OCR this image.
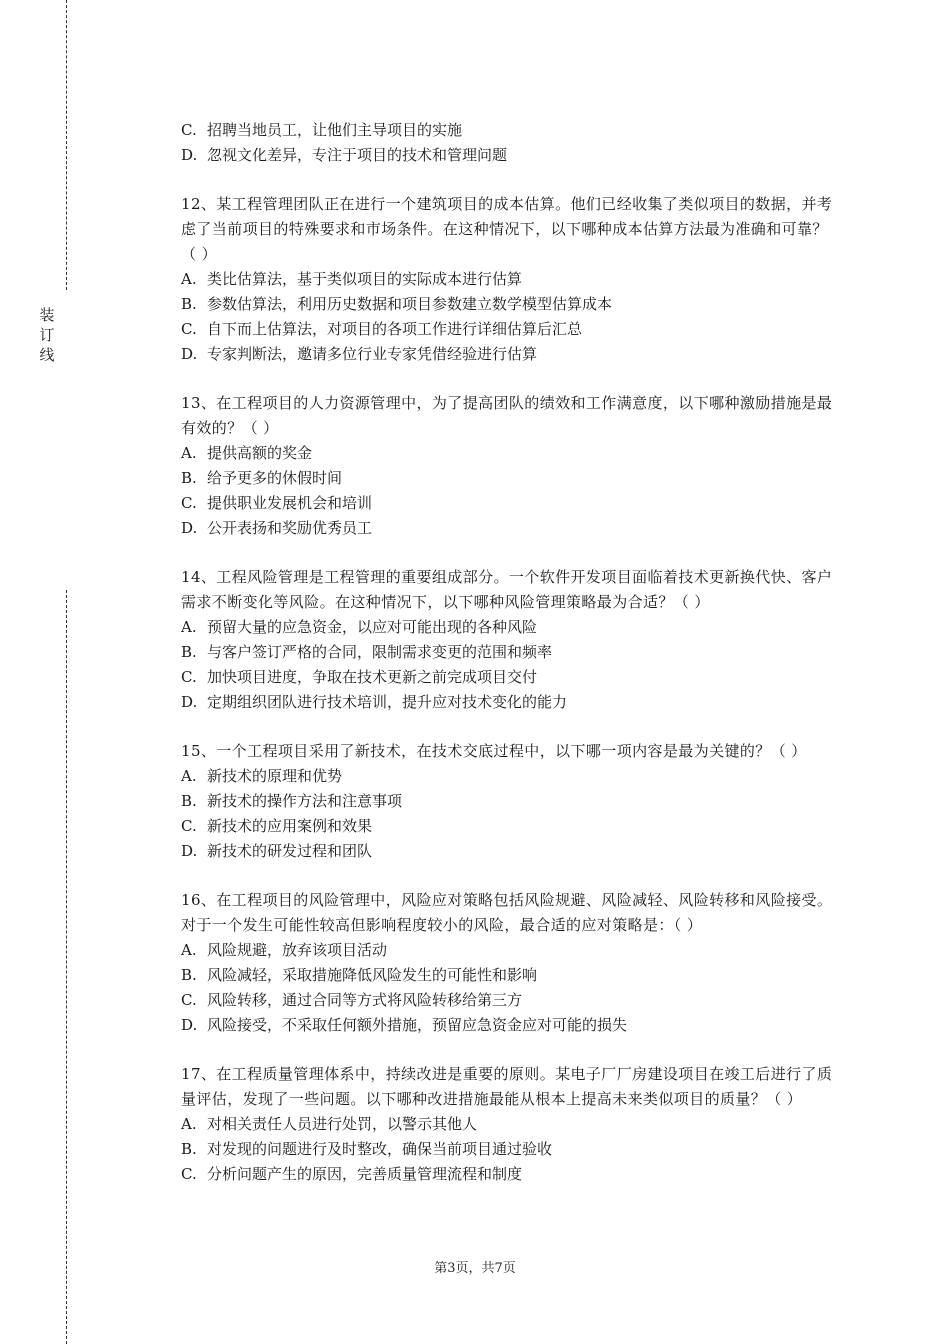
装
订
线
C. 招聘当地员工，让他们主导项目的实施
D. 忽视文化差异，专注于项目的技术和管理问题
12、某工程管理团队正在进行一个建筑项目的成本估算。他们已经收集了类似项目的数据，并考虑了当前项目的特殊要求和市场条件。在这种情况下，以下哪种成本估算方法最为准确和可靠？（ ）
A. 类比估算法，基于类似项目的实际成本进行估算
B. 参数估算法，利用历史数据和项目参数建立数学模型估算成本
C. 自下而上估算法，对项目的各项工作进行详细估算后汇总
D. 专家判断法，邀请多位行业专家凭借经验进行估算
13、在工程项目的人力资源管理中，为了提高团队的绩效和工作满意度，以下哪种激励措施是最有效的？（ ）
A. 提供高额的奖金
B. 给予更多的休假时间
C. 提供职业发展机会和培训
D. 公开表扬和奖励优秀员工
14、工程风险管理是工程管理的重要组成部分。一个软件开发项目面临着技术更新换代快、客户需求不断变化等风险。在这种情况下，以下哪种风险管理策略最为合适？（ ）
A. 预留大量的应急资金，以应对可能出现的各种风险
B. 与客户签订严格的合同，限制需求变更的范围和频率
C. 加快项目进度，争取在技术更新之前完成项目交付
D. 定期组织团队进行技术培训，提升应对技术变化的能力
15、一个工程项目采用了新技术，在技术交底过程中，以下哪一项内容是最为关键的？（ ）
A. 新技术的原理和优势
B. 新技术的操作方法和注意事项
C. 新技术的应用案例和效果
D. 新技术的研发过程和团队
16、在工程项目的风险管理中，风险应对策略包括风险规避、风险减轻、风险转移和风险接受。对于一个发生可能性较高但影响程度较小的风险，最合适的应对策略是：（ ）
A. 风险规避，放弃该项目活动
B. 风险减轻，采取措施降低风险发生的可能性和影响
C. 风险转移，通过合同等方式将风险转移给第三方
D. 风险接受，不采取任何额外措施，预留应急资金应对可能的损失
17、在工程质量管理体系中，持续改进是重要的原则。某电子厂厂房建设项目在竣工后进行了质量评估，发现了一些问题。以下哪种改进措施最能从根本上提高未来类似项目的质量？（ ）
A. 对相关责任人员进行处罚，以警示其他人
B. 对发现的问题进行及时整改，确保当前项目通过验收
C. 分析问题产生的原因，完善质量管理流程和制度
第3页，共7页
